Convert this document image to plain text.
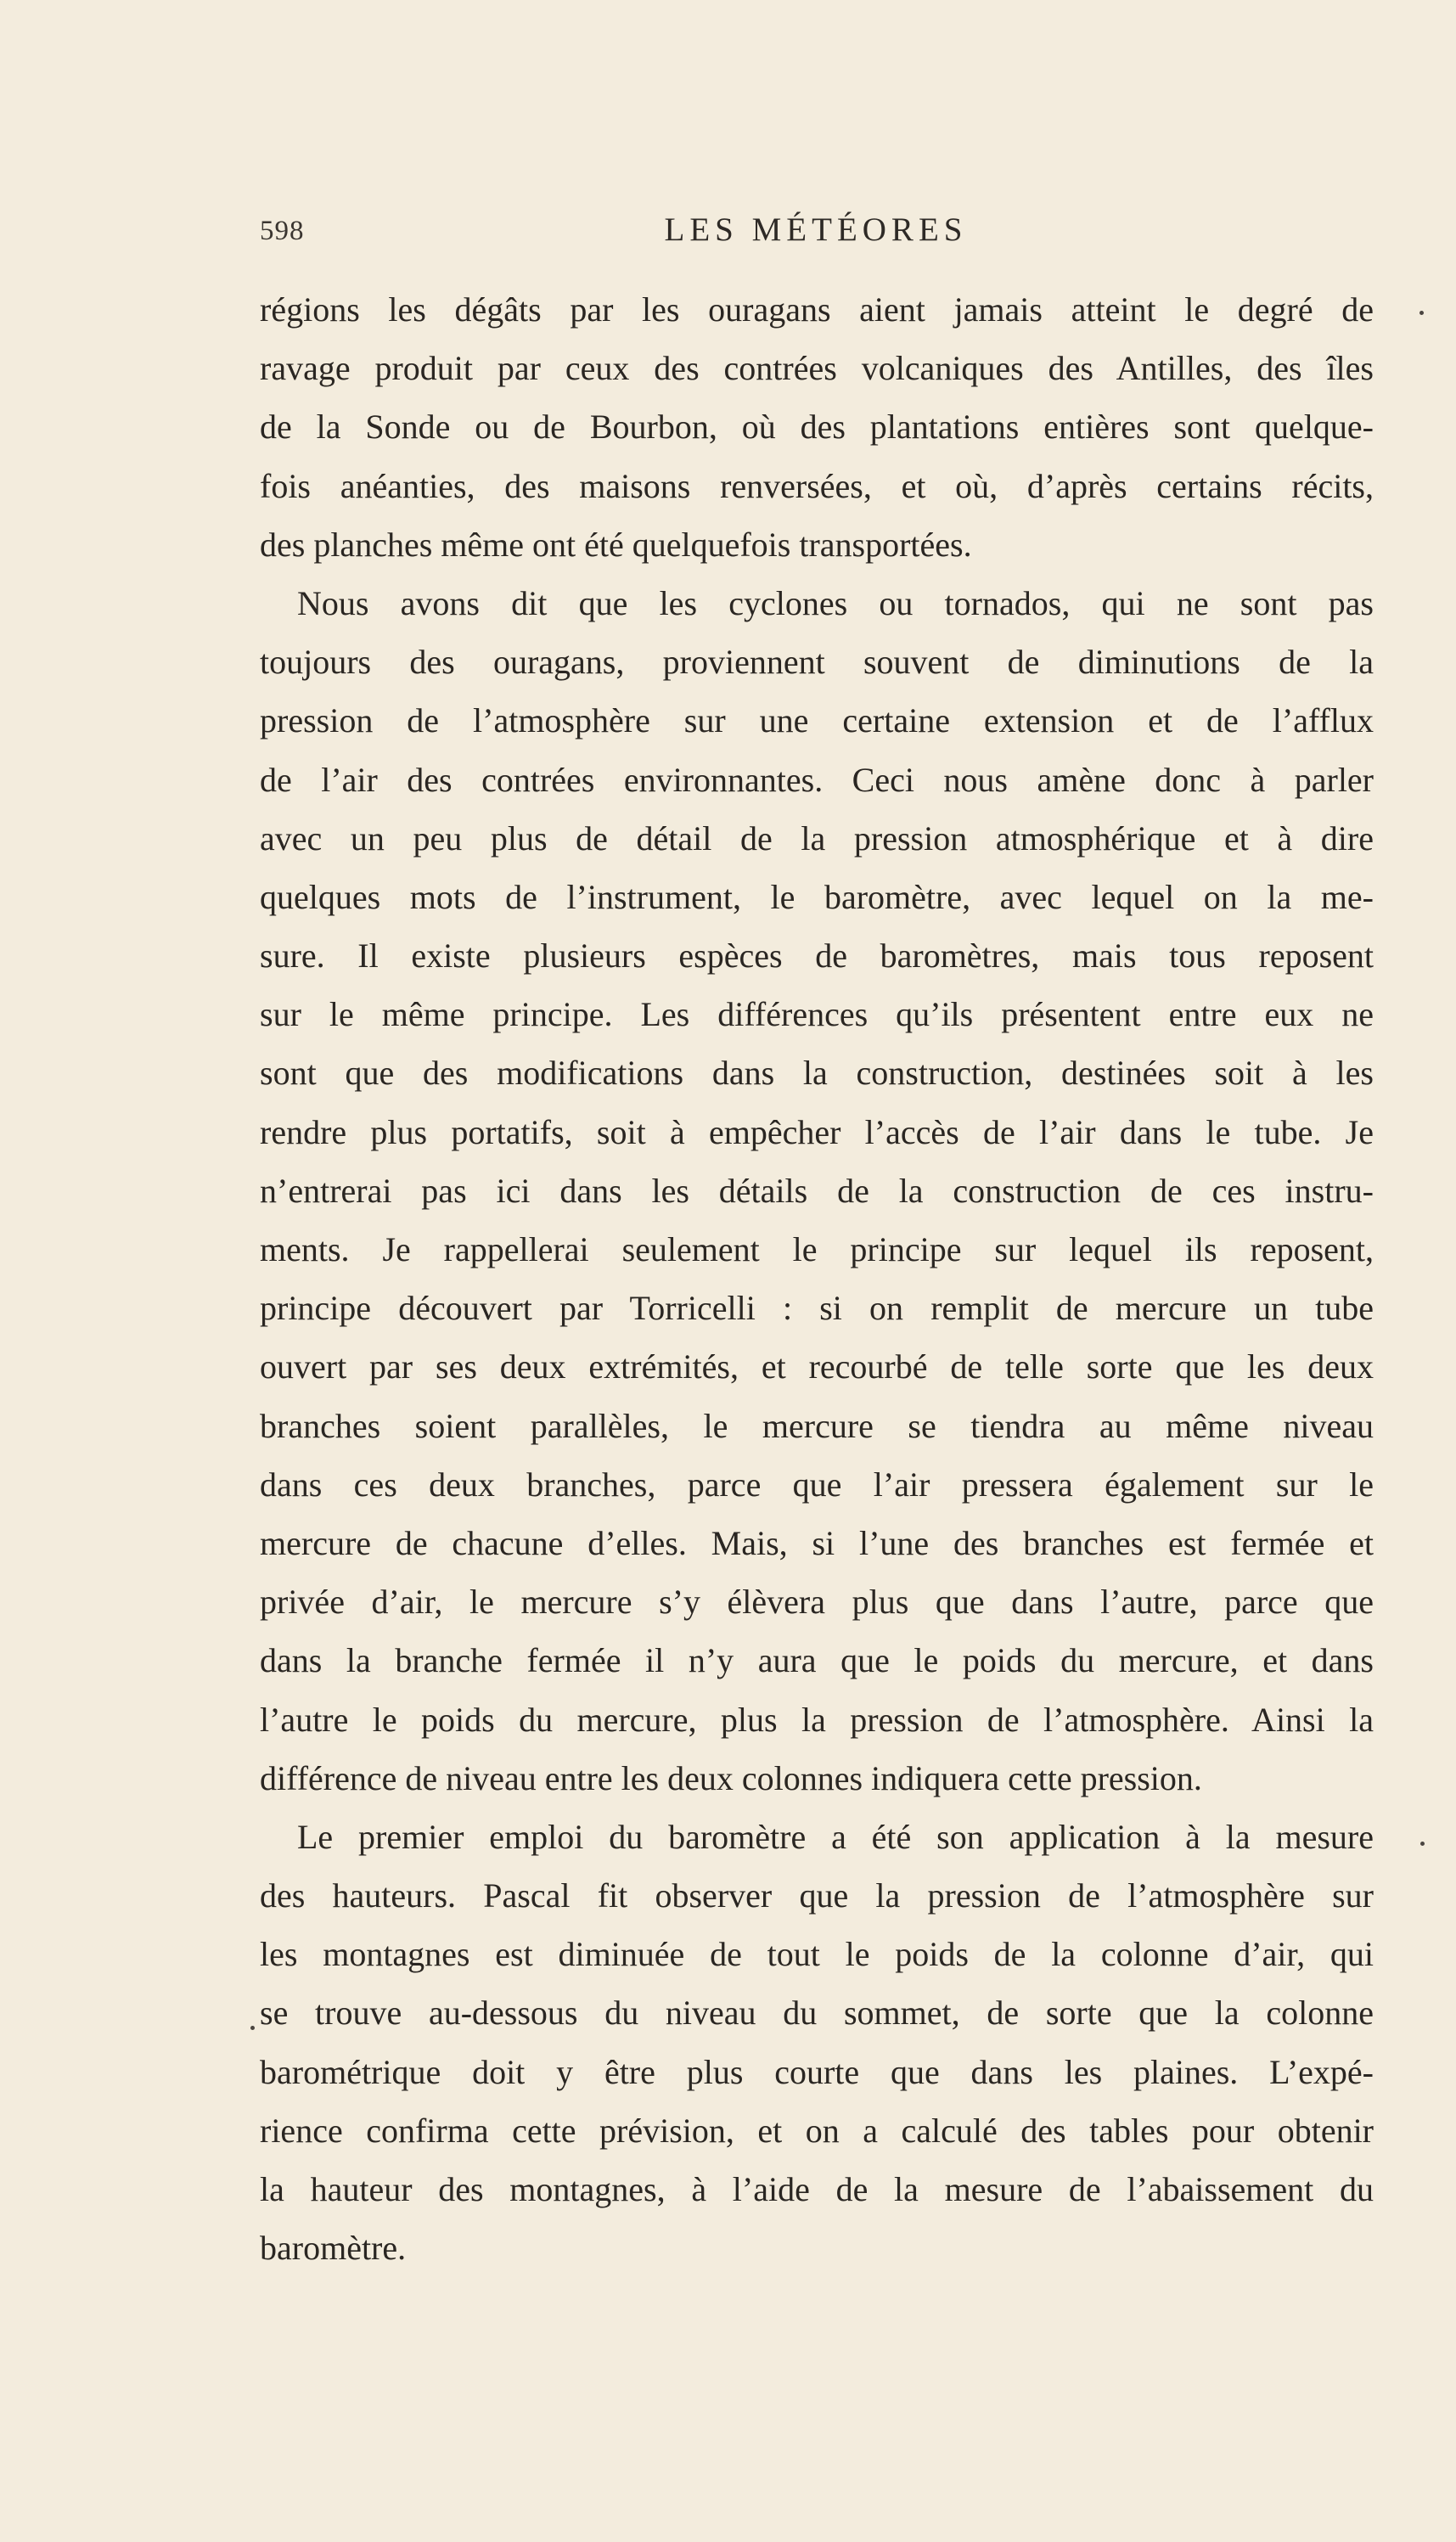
598	LES MÉTÉORES
régions les dégâts par les ouragans aient jamais atteint le degré de
ravage produit par ceux des contrées volcaniques des Antilles, des îles
de la Sonde ou de Bourbon, où des plantations entières sont quelque-
fois anéanties, des maisons renversées, et où, d’après certains récits,
des planches même ont été quelquefois transportées.
Nous avons dit que les cyclones ou tornados, qui ne sont pas
toujours des ouragans, proviennent souvent de diminutions de la
pression de l’atmosphère sur une certaine extension et de l’afflux
de l’air des contrées environnantes. Ceci nous amène donc à parler
avec un peu plus de détail de la pression atmosphérique et à dire
quelques mots de l’instrument, le baromètre, avec lequel on la me-
sure. Il existe plusieurs espèces de baromètres, mais tous reposent
sur le même principe. Les différences qu’ils présentent entre eux ne
sont que des modifications dans la construction, destinées soit à les
rendre plus portatifs, soit à empêcher l’accès de l’air dans le tube. Je
n’entrerai pas ici dans les détails de la construction de ces instru-
ments. Je rappellerai seulement le principe sur lequel ils reposent,
principe découvert par Torricelli : si on remplit de mercure un tube
ouvert par ses deux extrémités, et recourbé de telle sorte que les deux
branches soient parallèles, le mercure se tiendra au même niveau
dans ces deux branches, parce que l’air pressera également sur le
mercure de chacune d’elles. Mais, si l’une des branches est fermée et
privée d’air, le mercure s’y élèvera plus que dans l’autre, parce que
dans la branche fermée il n’y aura que le poids du mercure, et dans
l’autre le poids du mercure, plus la pression de l’atmosphère. Ainsi la
différence de niveau entre les deux colonnes indiquera cette pression.
Le premier emploi du baromètre a été son application à la mesure
des hauteurs. Pascal fit observer que la pression de l’atmosphère sur
les montagnes est diminuée de tout le poids de la colonne d’air, qui
se trouve au-dessous du niveau du sommet, de sorte que la colonne
barométrique doit y être plus courte que dans les plaines. L’expé-
rience confirma cette prévision, et on a calculé des tables pour obtenir
la hauteur des montagnes, à l’aide de la mesure de l’abaissement du
baromètre.
